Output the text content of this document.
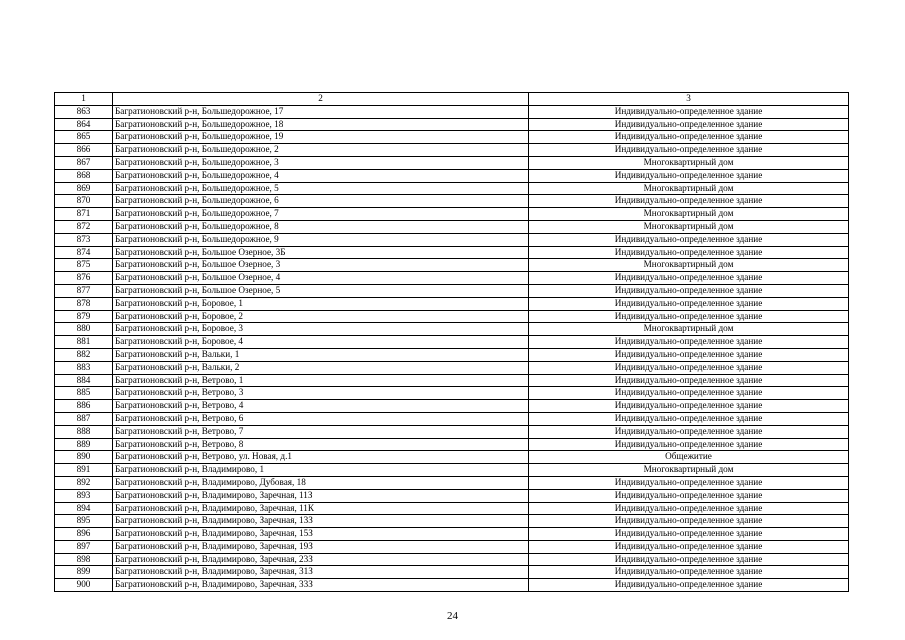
1	2	3
863	Багратионовский р-н, Большедорожное, 17	Индивидуально-определенное здание
864	Багратионовский р-н, Большедорожное, 18	Индивидуально-определенное здание
865	Багратионовский р-н, Большедорожное, 19	Индивидуально-определенное здание
866	Багратионовский р-н, Большедорожное, 2	Индивидуально-определенное здание
867	Багратионовский р-н, Большедорожное, 3	Многоквартирный дом
868	Багратионовский р-н, Большедорожное, 4	Индивидуально-определенное здание
869	Багратионовский р-н, Большедорожное, 5	Многоквартирный дом
870	Багратионовский р-н, Большедорожное, 6	Индивидуально-определенное здание
871	Багратионовский р-н, Большедорожное, 7	Многоквартирный дом
872	Багратионовский р-н, Большедорожное, 8	Многоквартирный дом
873	Багратионовский р-н, Большедорожное, 9	Индивидуально-определенное здание
874	Багратионовский р-н, Большое Озерное, 3Б	Индивидуально-определенное здание
875	Багратионовский р-н, Большое Озерное, 3	Многоквартирный дом
876	Багратионовский р-н, Большое Озерное, 4	Индивидуально-определенное здание
877	Багратионовский р-н, Большое Озерное, 5	Индивидуально-определенное здание
878	Багратионовский р-н, Боровое, 1	Индивидуально-определенное здание
879	Багратионовский р-н, Боровое, 2	Индивидуально-определенное здание
880	Багратионовский р-н, Боровое, 3	Многоквартирный дом
881	Багратионовский р-н, Боровое, 4	Индивидуально-определенное здание
882	Багратионовский р-н, Вальки, 1	Индивидуально-определенное здание
883	Багратионовский р-н, Вальки, 2	Индивидуально-определенное здание
884	Багратионовский р-н, Ветрово, 1	Индивидуально-определенное здание
885	Багратионовский р-н, Ветрово, 3	Индивидуально-определенное здание
886	Багратионовский р-н, Ветрово, 4	Индивидуально-определенное здание
887	Багратионовский р-н, Ветрово, 6	Индивидуально-определенное здание
888	Багратионовский р-н, Ветрово, 7	Индивидуально-определенное здание
889	Багратионовский р-н, Ветрово, 8	Индивидуально-определенное здание
890	Багратионовский р-н, Ветрово, ул. Новая, д.1	Общежитие
891	Багратионовский р-н, Владимирово, 1	Многоквартирный дом
892	Багратионовский р-н, Владимирово, Дубовая, 18	Индивидуально-определенное здание
893	Багратионовский р-н, Владимирово, Заречная, 11З	Индивидуально-определенное здание
894	Багратионовский р-н, Владимирово, Заречная, 11К	Индивидуально-определенное здание
895	Багратионовский р-н, Владимирово, Заречная, 13З	Индивидуально-определенное здание
896	Багратионовский р-н, Владимирово, Заречная, 15З	Индивидуально-определенное здание
897	Багратионовский р-н, Владимирово, Заречная, 19З	Индивидуально-определенное здание
898	Багратионовский р-н, Владимирово, Заречная, 23З	Индивидуально-определенное здание
899	Багратионовский р-н, Владимирово, Заречная, 31З	Индивидуально-определенное здание
900	Багратионовский р-н, Владимирово, Заречная, 33З	Индивидуально-определенное здание
24
